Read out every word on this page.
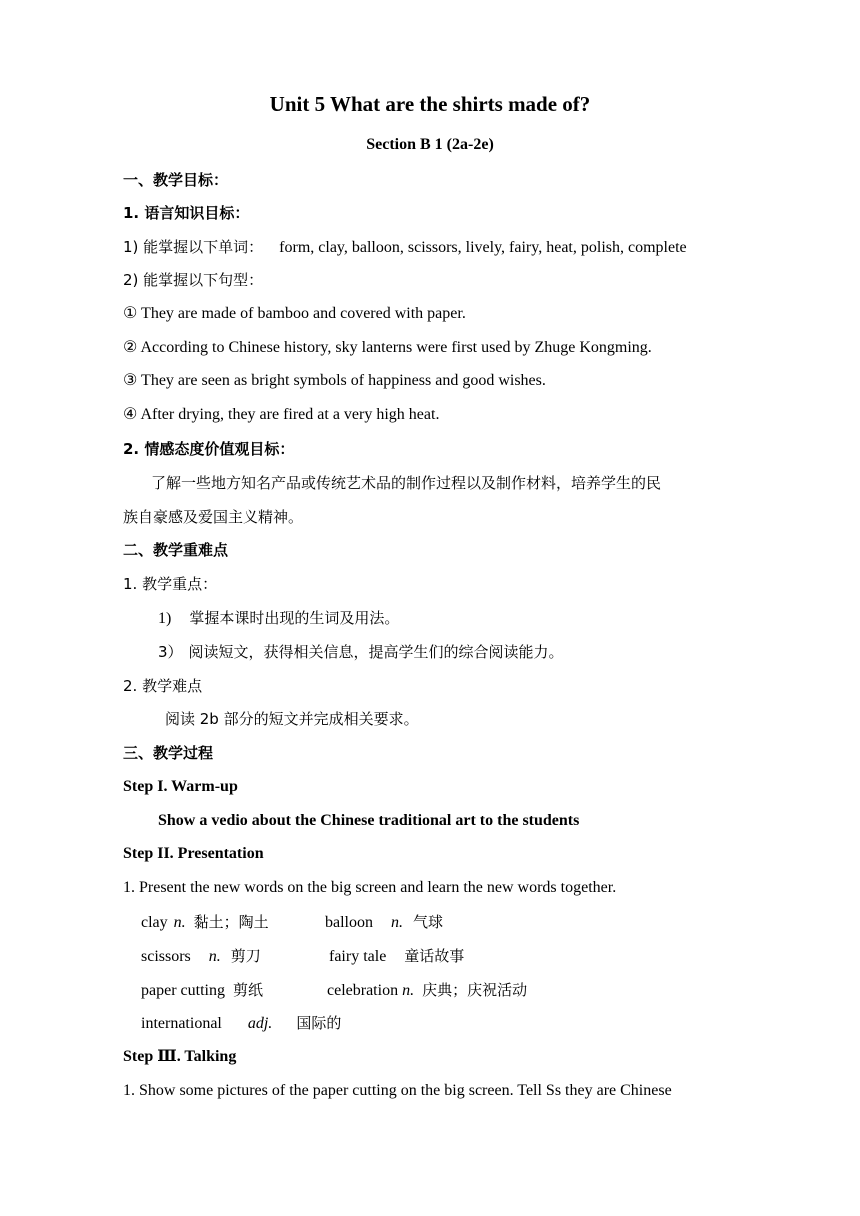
Unit 5 What are the shirts made of?
Section B 1 (2a-2e)
一、教学目标：
1. 语言知识目标：
1) 能掌握以下单词： form, clay, balloon, scissors, lively, fairy, heat, polish, complete
2) 能掌握以下句型：
① They are made of bamboo and covered with paper.
② According to Chinese history, sky lanterns were first used by Zhuge Kongming.
③ They are seen as bright symbols of happiness and good wishes.
④ After drying, they are fired at a very high heat.
2. 情感态度价值观目标：
了解一些地方知名产品或传统艺术品的制作过程以及制作材料，培养学生的民
族自豪感及爱国主义精神。
二、教学重难点
1. 教学重点：
1) 掌握本课时出现的生词及用法。
3） 阅读短文，获得相关信息，提高学生们的综合阅读能力。
2. 教学难点
阅读 2b 部分的短文并完成相关要求。
三、教学过程
Step I. Warm-up
Show a vedio about the Chinese traditional art to the students
Step II. Presentation
1. Present the new words on the big screen and learn the new words together.
clay n. 黏土；陶土	balloon n. 气球
scissors n. 剪刀	fairy tale 童话故事
paper cutting 剪纸	celebration n. 庆典；庆祝活动
international adj. 国际的
Step Ⅲ. Talking
1. Show some pictures of the paper cutting on the big screen. Tell Ss they are Chinese
